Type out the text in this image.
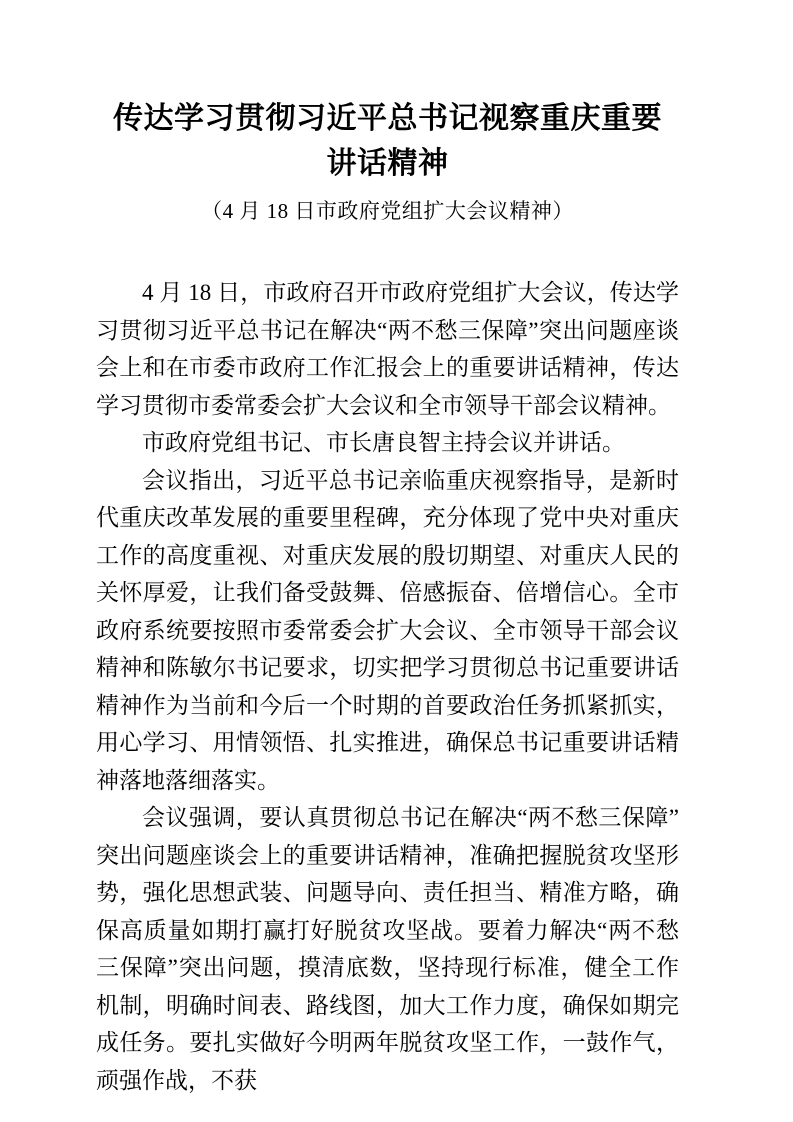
传达学习贯彻习近平总书记视察重庆重要讲话精神
（4 月 18 日市政府党组扩大会议精神）

4 月 18 日，市政府召开市政府党组扩大会议，传达学习贯彻习近平总书记在解决“两不愁三保障”突出问题座谈会上和在市委市政府工作汇报会上的重要讲话精神，传达学习贯彻市委常委会扩大会议和全市领导干部会议精神。

市政府党组书记、市长唐良智主持会议并讲话。

会议指出，习近平总书记亲临重庆视察指导，是新时代重庆改革发展的重要里程碑，充分体现了党中央对重庆工作的高度重视、对重庆发展的殷切期望、对重庆人民的关怀厚爱，让我们备受鼓舞、倍感振奋、倍增信心。全市政府系统要按照市委常委会扩大会议、全市领导干部会议精神和陈敏尔书记要求，切实把学习贯彻总书记重要讲话精神作为当前和今后一个时期的首要政治任务抓紧抓实，用心学习、用情领悟、扎实推进，确保总书记重要讲话精神落地落细落实。

会议强调，要认真贯彻总书记在解决“两不愁三保障”突出问题座谈会上的重要讲话精神，准确把握脱贫攻坚形势，强化思想武装、问题导向、责任担当、精准方略，确保高质量如期打赢打好脱贫攻坚战。要着力解决“两不愁三保障”突出问题，摸清底数，坚持现行标准，健全工作机制，明确时间表、路线图，加大工作力度，确保如期完成任务。要扎实做好今明两年脱贫攻坚工作，一鼓作气，顽强作战，不获
